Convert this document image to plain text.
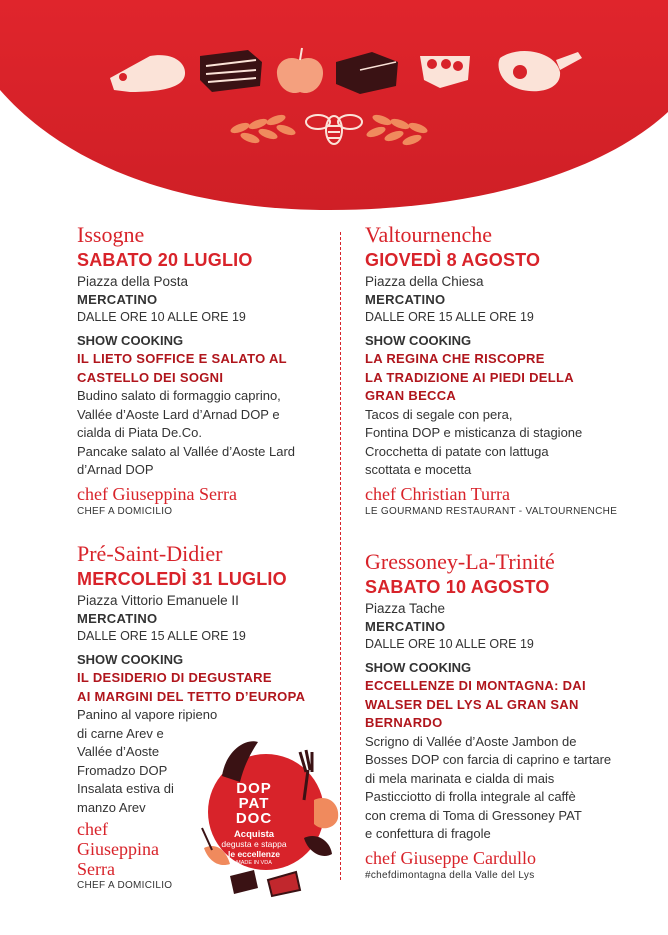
Issogne
SABATO 20 LUGLIO
Piazza della Posta
MERCATINO
DALLE ORE 10 ALLE ORE 19
SHOW COOKING
IL LIETO SOFFICE E SALATO AL
CASTELLO DEI SOGNI
Budino salato di formaggio caprino,
Vallée d’Aoste Lard d’Arnad DOP e
cialda di Piata De.Co.
Pancake salato al Vallée d’Aoste Lard
d’Arnad DOP
chef Giuseppina Serra
CHEF A DOMICILIO
Pré-Saint-Didier
MERCOLEDÌ 31 LUGLIO
Piazza Vittorio Emanuele II
MERCATINO
DALLE ORE 15 ALLE ORE 19
SHOW COOKING
IL DESIDERIO DI DEGUSTARE
AI MARGINI DEL TETTO D’EUROPA
Panino al vapore ripieno
di carne Arev e
Vallée d’Aoste
Fromadzo DOP
Insalata estiva di
manzo Arev
chef
Giuseppina
Serra
CHEF A DOMICILIO
Valtournenche
GIOVEDÌ 8 AGOSTO
Piazza della Chiesa
MERCATINO
DALLE ORE 15 ALLE ORE 19
SHOW COOKING
LA REGINA CHE RISCOPRE
LA TRADIZIONE AI PIEDI DELLA
GRAN BECCA
Tacos di segale con pera,
Fontina DOP e misticanza di stagione
Crocchetta di patate con lattuga
scottata e mocetta
chef Christian Turra
LE GOURMAND RESTAURANT - VALTOURNENCHE
Gressoney-La-Trinité
SABATO 10 AGOSTO
Piazza Tache
MERCATINO
DALLE ORE 10 ALLE ORE 19
SHOW COOKING
ECCELLENZE DI MONTAGNA: DAI
WALSER DEL LYS AL GRAN SAN
BERNARDO
Scrigno di Vallée d’Aoste Jambon de
Bosses DOP con farcia di caprino e tartare
di mela marinata e cialda di mais
Pasticciotto di frolla integrale al caffè
con crema di Toma di Gressoney PAT
e confettura di fragole
chef Giuseppe Cardullo
#chefdimontagna della Valle del Lys
DOP
PAT
DOC
Acquista
degusta e stappa
le eccellenze
MADE IN VDA
